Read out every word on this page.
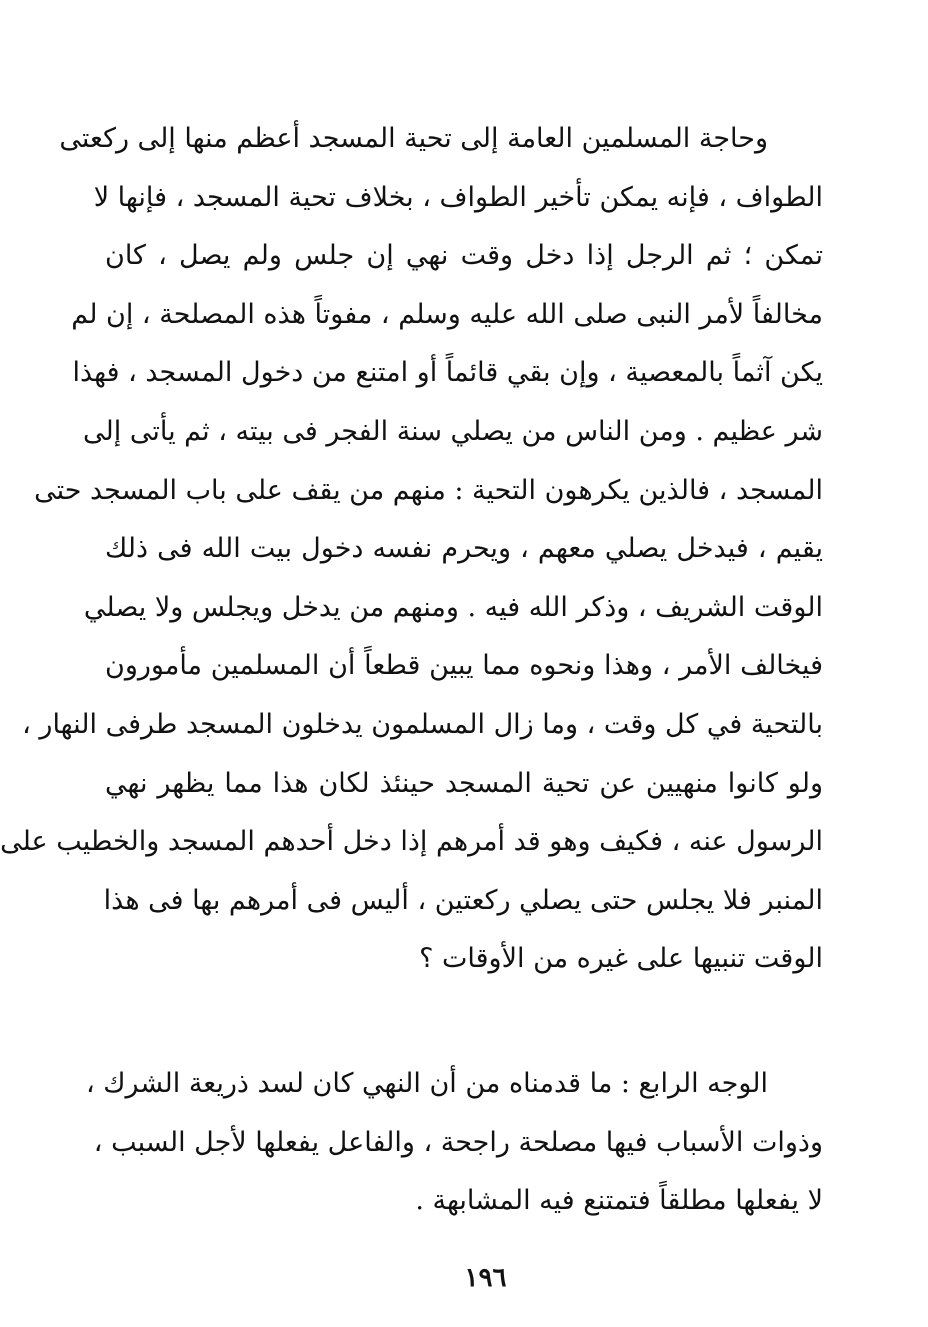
وحاجة المسلمين العامة إلى تحية المسجد أعظم منها إلى ركعتى
الطواف ، فإنه يمكن تأخير الطواف ، بخلاف تحية المسجد ، فإنها لا
تمكن ؛ ثم الرجل إذا دخل وقت نهي إن جلس ولم يصل ، كان
مخالفاً لأمر النبى صلى الله عليه وسلم ، مفوتاً هذه المصلحة ، إن لم
يكن آثماً بالمعصية ، وإن بقي قائماً أو امتنع من دخول المسجد ، فهذا
شر عظيم . ومن الناس من يصلي سنة الفجر فى بيته ، ثم يأتى إلى
المسجد ، فالذين يكرهون التحية : منهم من يقف على باب المسجد حتى
يقيم ، فيدخل يصلي معهم ، ويحرم نفسه دخول بيت الله فى ذلك
الوقت الشريف ، وذكر الله فيه . ومنهم من يدخل ويجلس ولا يصلي
فيخالف الأمر ، وهذا ونحوه مما يبين قطعاً أن المسلمين مأمورون
بالتحية في كل وقت ، وما زال المسلمون يدخلون المسجد طرفى النهار ،
ولو كانوا منهيين عن تحية المسجد حينئذ لكان هذا مما يظهر نهي
الرسول عنه ، فكيف وهو قد أمرهم إذا دخل أحدهم المسجد والخطيب على
المنبر فلا يجلس حتى يصلي ركعتين ، أليس فى أمرهم بها فى هذا
الوقت تنبيها على غيره من الأوقات ؟
الوجه الرابع : ما قدمناه من أن النهي كان لسد ذريعة الشرك ،
وذوات الأسباب فيها مصلحة راجحة ، والفاعل يفعلها لأجل السبب ،
لا يفعلها مطلقاً فتمتنع فيه المشابهة .
١٩٦
